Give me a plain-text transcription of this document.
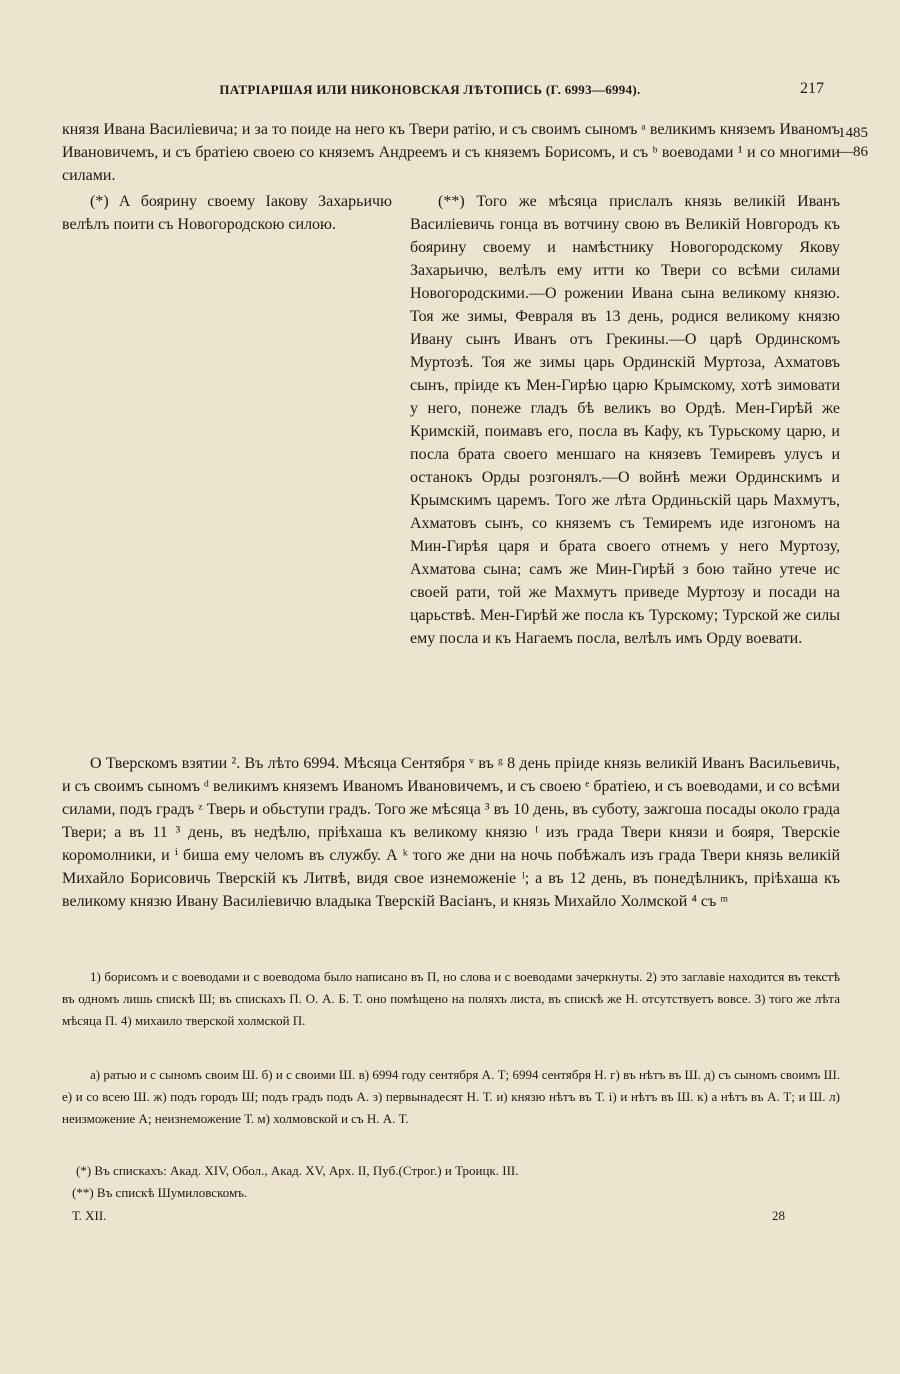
ПАТРІАРШАЯ ИЛИ НИКОНОВСКАЯ ЛѢТОПИСЬ (Г. 6993—6994).	217
1485
—86

князя Ивана Василіевича; и за то поиде на него къ Твери ратію, и съ своимъ сыномъ ᵃ великимъ княземъ Иваномъ Ивановичемъ, и съ братіею своею со княземъ Андреемъ и съ княземъ Борисомъ, и съ ᵇ воеводами ¹ и со многими силами.

(*) А боярину своему Іакову Захарьичю велѣлъ поити съ Новогородскою силою.

(**) Того же мѣсяца прислалъ князь великій Иванъ Василіевичь гонца въ вотчину свою въ Великій Новгородъ къ боярину своему и намѣстнику Новогородскому Якову Захарьичю, велѣлъ ему итти ко Твери со всѣми силами Новогородскими.—О рожении Ивана сына великому князю. Тоя же зимы, Февраля въ 13 день, родися великому князю Ивану сынъ Иванъ отъ Грекины.—О царѣ Ординскомъ Муртозѣ. Тоя же зимы царь Ординскій Муртоза, Ахматовъ сынъ, пріиде къ Мен-Гирѣю царю Крымскому, хотѣ зимовати у него, понеже гладъ бѣ великъ во Ордѣ. Мен-Гирѣй же Кримскій, поимавъ его, посла въ Кафу, къ Турьскому царю, и посла брата своего меншаго на князевъ Темиревъ улусъ и останокъ Орды розгонялъ.—О войнѣ межи Ординскимъ и Крымскимъ царемъ. Того же лѣта Ординьскій царь Махмутъ, Ахматовъ сынъ, со княземъ съ Темиремъ иде изгономъ на Мин-Гирѣя царя и брата своего отнемъ у него Муртозу, Ахматова сына; самъ же Мин-Гирѣй з бою тайно утече ис своей рати, той же Махмутъ приведе Муртозу и посади на царьствѣ. Мен-Гирѣй же посла къ Турскому; Турской же силы ему посла и къ Нагаемъ посла, велѣлъ имъ Орду воевати.

О Тверскомъ взятии ². Въ лѣто 6994. Мѣсяца Сентября ᵛ въ ᵍ 8 день пріиде князь великій Иванъ Васильевичь, и съ своимъ сыномъ ᵈ великимъ княземъ Иваномъ Ивановичемъ, и съ своею ᵉ братіею, и съ воеводами, и со всѣми силами, подъ градъ ᶻ Тверь и обьступи градъ. Того же мѣсяца ³ въ 10 день, въ суботу, зажгоша посады около града Твери; а въ 11 ³ день, въ недѣлю, пріѣхаша къ великому князю ᴵ изъ града Твери князи и бояря, Тверскіе коромолники, и ⁱ биша ему челомъ въ службу. А ᵏ того же дни на ночь побѣжалъ изъ града Твери князь великій Михайло Борисовичь Тверскій къ Литвѣ, видя свое изнеможеніе ˡ; а въ 12 день, въ понедѣлникъ, пріѣхаша къ великому князю Ивану Василіевичю владыка Тверскій Васіанъ, и князь Михайло Холмской ⁴ съ ᵐ

1) борисомъ и с воеводами и с воеводома было написано въ П, но слова и с воеводами зачеркнуты. 2) это заглавіе находится въ текстѣ въ одномъ лишь спискѣ Ш; въ спискахъ П. О. А. Б. Т. оно помѣщено на поляхъ листа, въ спискѣ же Н. отсутствуетъ вовсе. 3) того же лѣта мѣсяца П. 4) михаило тверской холмской П.

а) ратью и с сыномъ своим Ш. б) и с своими Ш. в) 6994 году сентября А. Т; 6994 сентября Н. г) въ нѣтъ въ Ш. д) съ сыномъ своимъ Ш. е) и со всею Ш. ж) подъ городъ Ш; подъ градъ подъ А. з) первынадесят Н. Т. и) князю нѣтъ въ Т. і) и нѣтъ въ Ш. к) а нѣтъ въ А. Т; и Ш. л) неизможение А; неизнеможение Т. м) холмовской и съ Н. А. Т.

(*) Въ спискахъ: Акад. XIV, Обол., Акад. XV, Арх. II, Пуб.(Строг.) и Троицк. III.

(**) Въ спискѣ Шумиловскомъ.

Т. XII.	28
